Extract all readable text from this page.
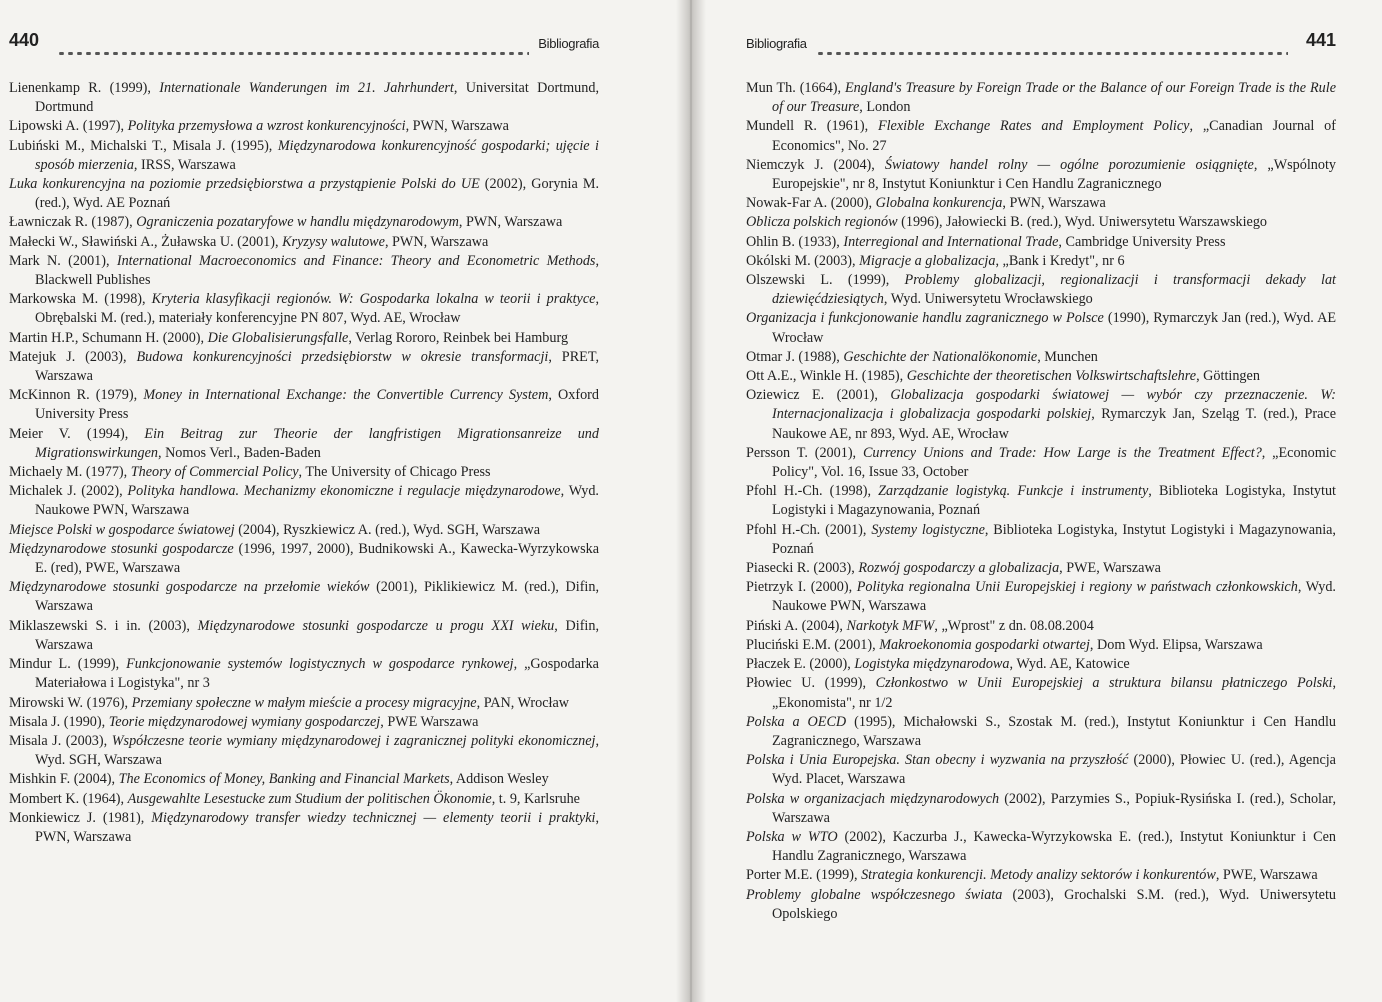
440	Bibliografia
Lienenkamp R. (1999), Internationale Wanderungen im 21. Jahrhundert, Universitat Dortmund, Dortmund
Lipowski A. (1997), Polityka przemysłowa a wzrost konkurencyjności, PWN, Warszawa
Lubiński M., Michalski T., Misala J. (1995), Międzynarodowa konkurencyjność gospodarki; ujęcie i sposób mierzenia, IRSS, Warszawa
Luka konkurencyjna na poziomie przedsiębiorstwa a przystąpienie Polski do UE (2002), Gorynia M. (red.), Wyd. AE Poznań
Ławniczak R. (1987), Ograniczenia pozataryfowe w handlu międzynarodowym, PWN, Warszawa
Małecki W., Sławiński A., Żuławska U. (2001), Kryzysy walutowe, PWN, Warszawa
Mark N. (2001), International Macroeconomics and Finance: Theory and Econometric Methods, Blackwell Publishes
Markowska M. (1998), Kryteria klasyfikacji regionów. W: Gospodarka lokalna w teorii i praktyce, Obrębalski M. (red.), materiały konferencyjne PN 807, Wyd. AE, Wrocław
Martin H.P., Schumann H. (2000), Die Globalisierungsfalle, Verlag Rororo, Reinbek bei Hamburg
Matejuk J. (2003), Budowa konkurencyjności przedsiębiorstw w okresie transformacji, PRET, Warszawa
McKinnon R. (1979), Money in International Exchange: the Convertible Currency System, Oxford University Press
Meier V. (1994), Ein Beitrag zur Theorie der langfristigen Migrationsanreize und Migrationswirkungen, Nomos Verl., Baden-Baden
Michaely M. (1977), Theory of Commercial Policy, The University of Chicago Press
Michalek J. (2002), Polityka handlowa. Mechanizmy ekonomiczne i regulacje międzynarodowe, Wyd. Naukowe PWN, Warszawa
Miejsce Polski w gospodarce światowej (2004), Ryszkiewicz A. (red.), Wyd. SGH, Warszawa
Międzynarodowe stosunki gospodarcze (1996, 1997, 2000), Budnikowski A., Kawecka-Wyrzykowska E. (red), PWE, Warszawa
Międzynarodowe stosunki gospodarcze na przełomie wieków (2001), Piklikiewicz M. (red.), Difin, Warszawa
Miklaszewski S. i in. (2003), Międzynarodowe stosunki gospodarcze u progu XXI wieku, Difin, Warszawa
Mindur L. (1999), Funkcjonowanie systemów logistycznych w gospodarce rynkowej, „Gospodarka Materiałowa i Logistyka", nr 3
Mirowski W. (1976), Przemiany społeczne w małym mieście a procesy migracyjne, PAN, Wrocław
Misala J. (1990), Teorie międzynarodowej wymiany gospodarczej, PWE Warszawa
Misala J. (2003), Współczesne teorie wymiany międzynarodowej i zagranicznej polityki ekonomicznej, Wyd. SGH, Warszawa
Mishkin F. (2004), The Economics of Money, Banking and Financial Markets, Addison Wesley
Mombert K. (1964), Ausgewahlte Lesestucke zum Studium der politischen Ökonomie, t. 9, Karlsruhe
Monkiewicz J. (1981), Międzynarodowy transfer wiedzy technicznej — elementy teorii i praktyki, PWN, Warszawa
Bibliografia	441
Mun Th. (1664), England's Treasure by Foreign Trade or the Balance of our Foreign Trade is the Rule of our Treasure, London
Mundell R. (1961), Flexible Exchange Rates and Employment Policy, „Canadian Journal of Economics", No. 27
Niemczyk J. (2004), Światowy handel rolny — ogólne porozumienie osiągnięte, „Wspólnoty Europejskie", nr 8, Instytut Koniunktur i Cen Handlu Zagranicznego
Nowak-Far A. (2000), Globalna konkurencja, PWN, Warszawa
Oblicza polskich regionów (1996), Jałowiecki B. (red.), Wyd. Uniwersytetu Warszawskiego
Ohlin B. (1933), Interregional and International Trade, Cambridge University Press
Okólski M. (2003), Migracje a globalizacja, „Bank i Kredyt", nr 6
Olszewski L. (1999), Problemy globalizacji, regionalizacji i transformacji dekady lat dziewięćdziesiątych, Wyd. Uniwersytetu Wrocławskiego
Organizacja i funkcjonowanie handlu zagranicznego w Polsce (1990), Rymarczyk Jan (red.), Wyd. AE Wrocław
Otmar J. (1988), Geschichte der Nationalökonomie, Munchen
Ott A.E., Winkle H. (1985), Geschichte der theoretischen Volkswirtschaftslehre, Göttingen
Oziewicz E. (2001), Globalizacja gospodarki światowej — wybór czy przeznaczenie. W: Internacjonalizacja i globalizacja gospodarki polskiej, Rymarczyk Jan, Szeląg T. (red.), Prace Naukowe AE, nr 893, Wyd. AE, Wrocław
Persson T. (2001), Currency Unions and Trade: How Large is the Treatment Effect?, „Economic Policy", Vol. 16, Issue 33, October
Pfohl H.-Ch. (1998), Zarządzanie logistyką. Funkcje i instrumenty, Biblioteka Logistyka, Instytut Logistyki i Magazynowania, Poznań
Pfohl H.-Ch. (2001), Systemy logistyczne, Biblioteka Logistyka, Instytut Logistyki i Magazynowania, Poznań
Piasecki R. (2003), Rozwój gospodarczy a globalizacja, PWE, Warszawa
Pietrzyk I. (2000), Polityka regionalna Unii Europejskiej i regiony w państwach członkowskich, Wyd. Naukowe PWN, Warszawa
Piński A. (2004), Narkotyk MFW, „Wprost" z dn. 08.08.2004
Pluciński E.M. (2001), Makroekonomia gospodarki otwartej, Dom Wyd. Elipsa, Warszawa
Płaczek E. (2000), Logistyka międzynarodowa, Wyd. AE, Katowice
Płowiec U. (1999), Członkostwo w Unii Europejskiej a struktura bilansu płatniczego Polski, „Ekonomista", nr 1/2
Polska a OECD (1995), Michałowski S., Szostak M. (red.), Instytut Koniunktur i Cen Handlu Zagranicznego, Warszawa
Polska i Unia Europejska. Stan obecny i wyzwania na przyszłość (2000), Płowiec U. (red.), Agencja Wyd. Placet, Warszawa
Polska w organizacjach międzynarodowych (2002), Parzymies S., Popiuk-Rysińska I. (red.), Scholar, Warszawa
Polska w WTO (2002), Kaczurba J., Kawecka-Wyrzykowska E. (red.), Instytut Koniunktur i Cen Handlu Zagranicznego, Warszawa
Porter M.E. (1999), Strategia konkurencji. Metody analizy sektorów i konkurentów, PWE, Warszawa
Problemy globalne współczesnego świata (2003), Grochalski S.M. (red.), Wyd. Uniwersytetu Opolskiego
